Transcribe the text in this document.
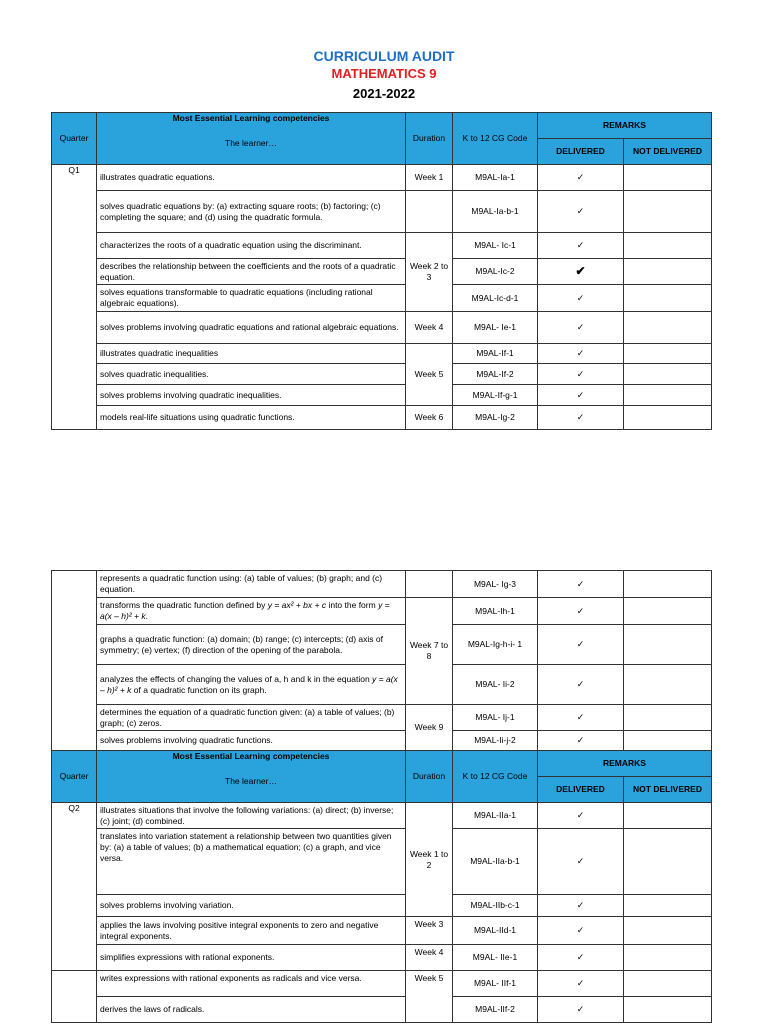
CURRICULUM AUDIT
MATHEMATICS 9
2021-2022
Quarter	Most Essential Learning competencies
The learner…	Duration	K to 12 CG Code	REMARKS	
				DELIVERED	NOT DELIVERED
Q1	illustrates quadratic equations.	Week 1	M9AL-Ia-1	✓	
	solves quadratic equations by: (a) extracting square roots; (b) factoring; (c) completing the square; and (d) using the quadratic formula.		M9AL-Ia-b-1	✓	
	characterizes the roots of a quadratic equation using the discriminant.	Week 2 to 3	M9AL- Ic-1	✓	
	describes the relationship between the coefficients and the roots of a quadratic equation.		M9AL-Ic-2	✔	
	solves equations transformable to quadratic equations (including rational algebraic equations).		M9AL-Ic-d-1	✓	
	solves problems involving quadratic equations and rational algebraic equations.	Week 4	M9AL- Ie-1	✓	
	illustrates quadratic inequalities	Week 5	M9AL-If-1	✓	
	solves quadratic inequalities.		M9AL-If-2	✓	
	solves problems involving quadratic inequalities.		M9AL-If-g-1	✓	
	models real-life situations using quadratic functions.	Week 6	M9AL-Ig-2	✓	
	represents a quadratic function using: (a) table of values; (b) graph; and (c) equation.		M9AL- Ig-3	✓	
	transforms the quadratic function defined by y = ax² + bx + c into the form y = a(x – h)² + k.	Week 7 to 8	M9AL-Ih-1	✓	
	graphs a quadratic function: (a) domain; (b) range; (c) intercepts; (d) axis of symmetry; (e) vertex; (f) direction of the opening of the parabola.		M9AL-Ig-h-i- 1	✓	
	analyzes the effects of changing the values of a, h and k in the equation y = a(x – h)² + k of a quadratic function on its graph.		M9AL- Ii-2	✓	
	determines the equation of a quadratic function given: (a) a table of values; (b) graph; (c) zeros.	Week 9	M9AL- Ij-1	✓	
	solves problems involving quadratic functions.		M9AL-Ii-j-2	✓	
Quarter	Most Essential Learning competencies
The learner…	Duration	K to 12 CG Code	REMARKS	
				DELIVERED	NOT DELIVERED
Q2	illustrates situations that involve the following variations: (a) direct; (b) inverse; (c) joint; (d) combined.	Week 1 to 2	M9AL-IIa-1	✓	
	translates into variation statement a relationship between two quantities given by: (a) a table of values; (b) a mathematical equation; (c) a graph, and vice versa.		M9AL-IIa-b-1	✓	
	solves problems involving variation.		M9AL-IIb-c-1	✓	
	applies the laws involving positive integral exponents to zero and negative integral exponents.	Week 3	M9AL-IId-1	✓	
	simplifies expressions with rational exponents.	Week 4	M9AL- IIe-1	✓	
	writes expressions with rational exponents as radicals and vice versa.	Week 5	M9AL- IIf-1	✓	
	derives the laws of radicals.		M9AL-IIf-2	✓	
